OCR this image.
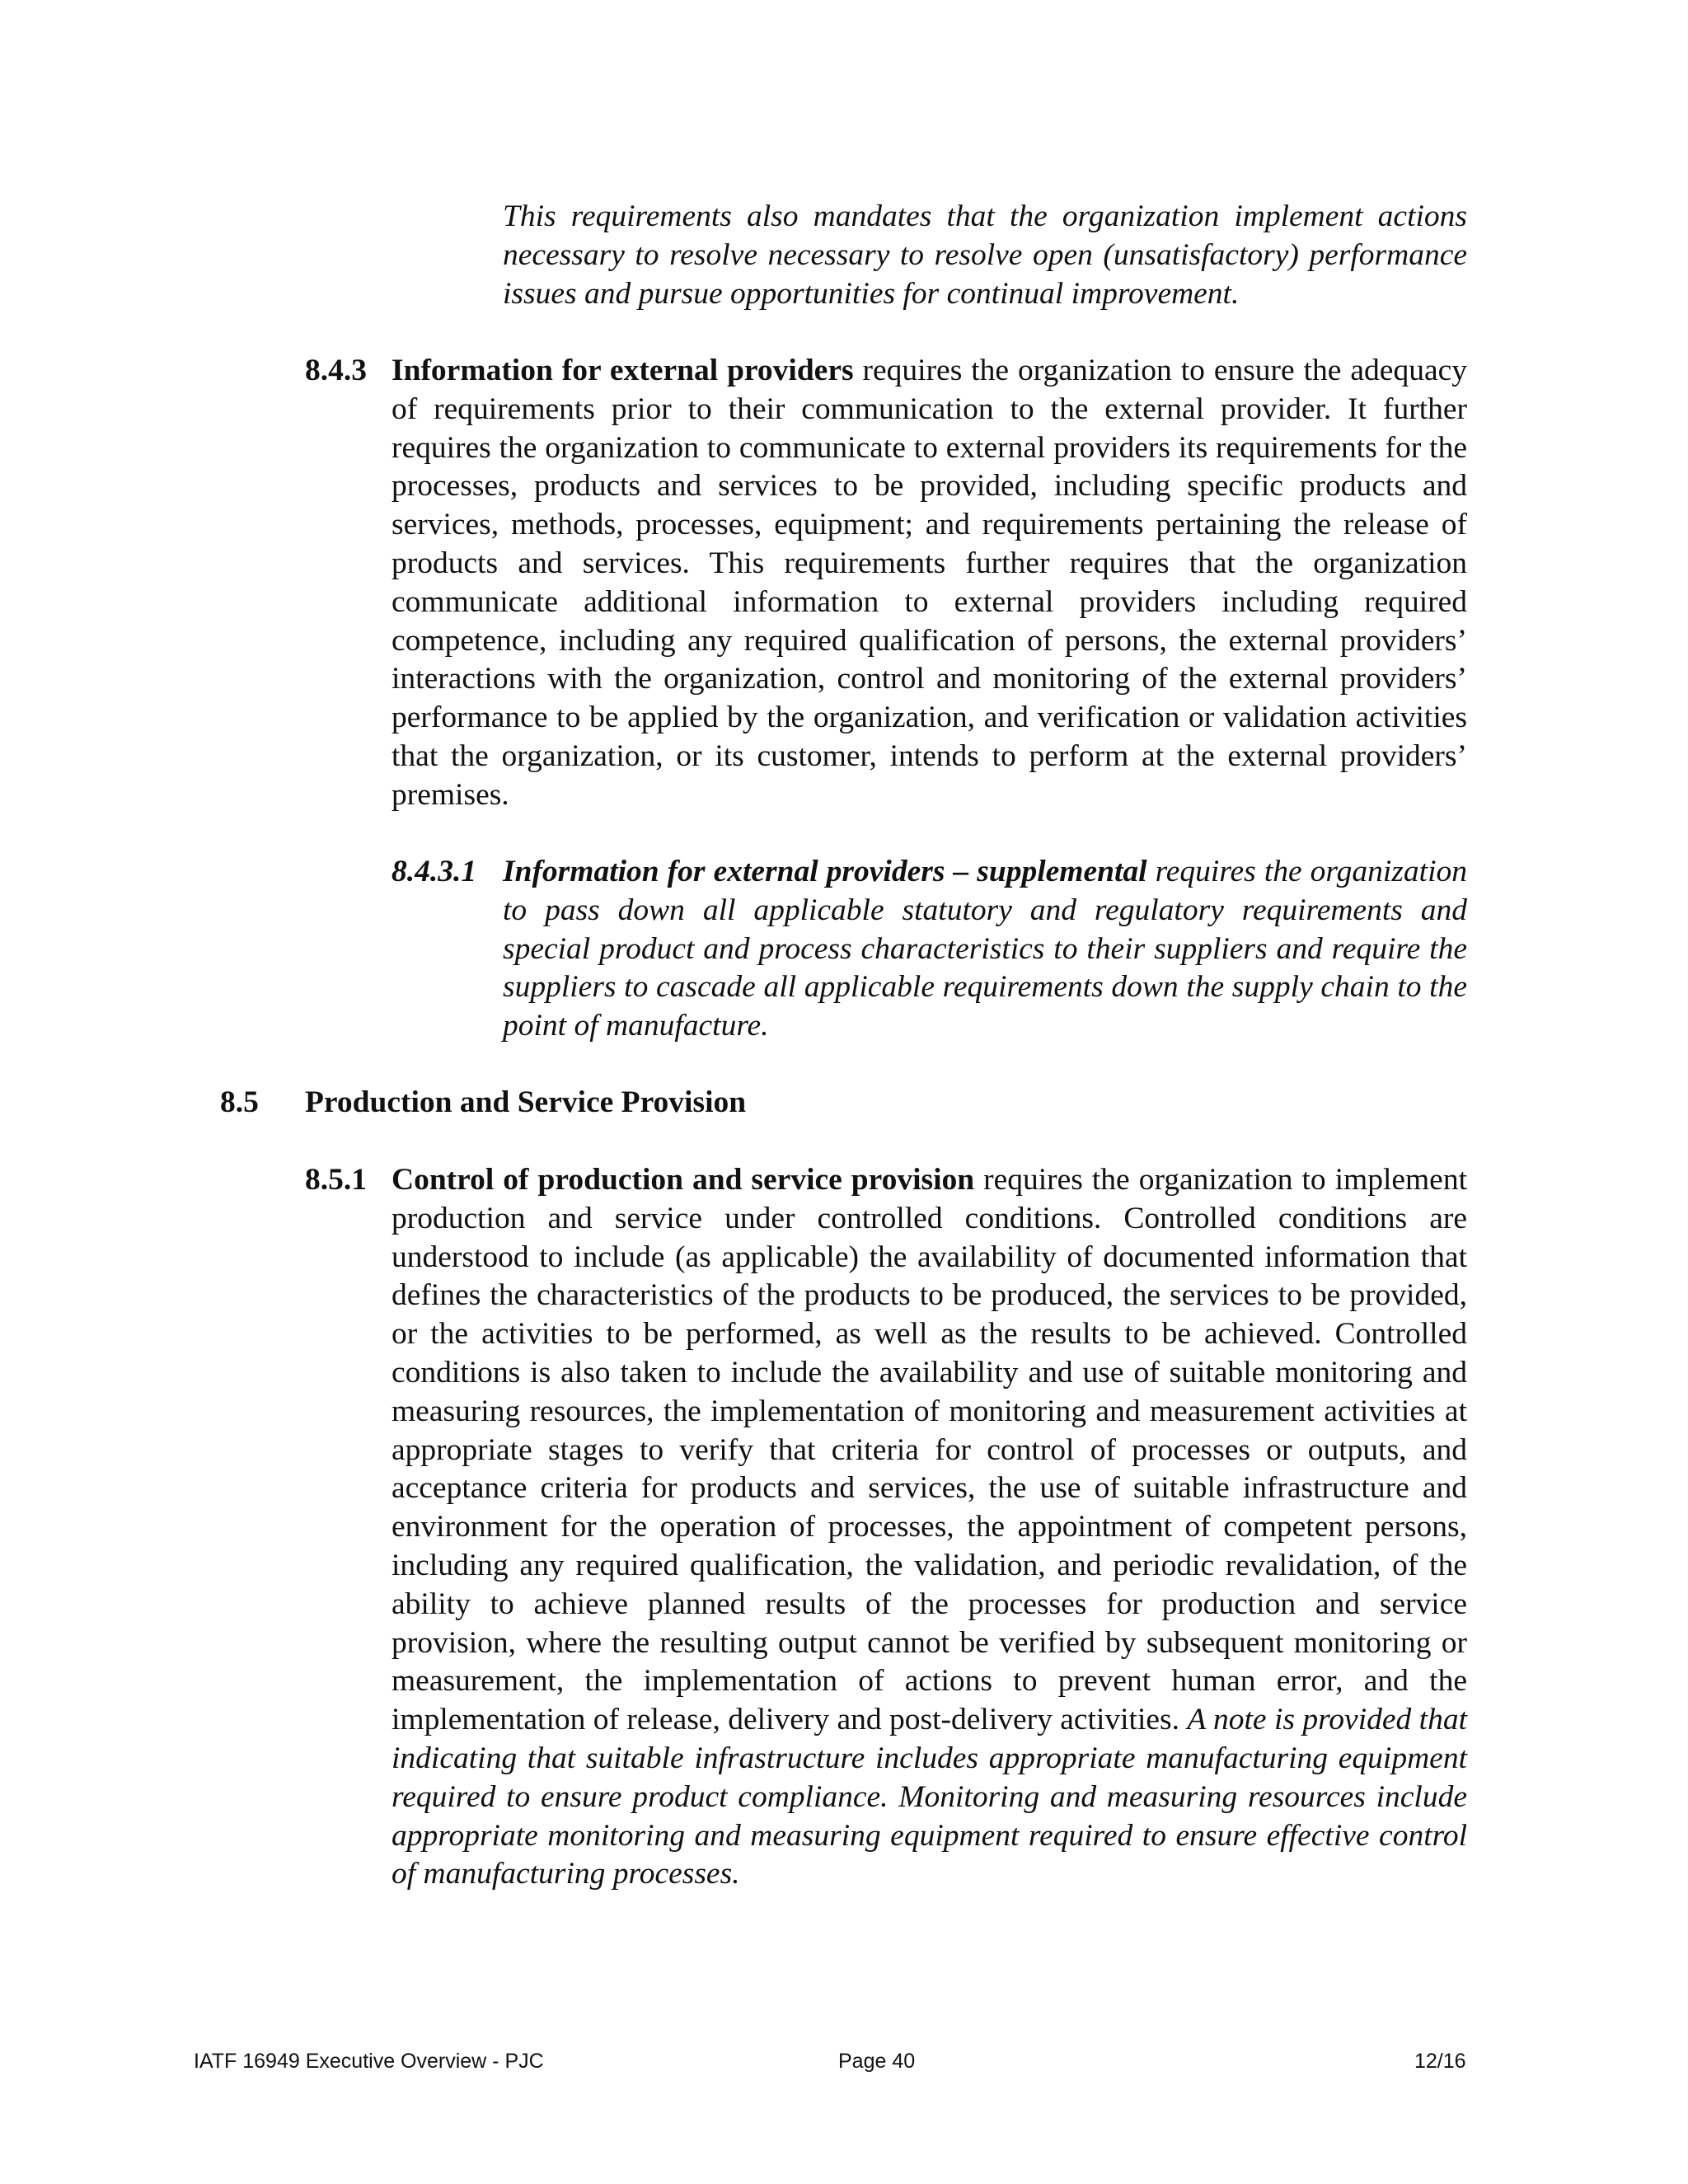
This requirements also mandates that the organization implement actions necessary to resolve necessary to resolve open (unsatisfactory) performance issues and pursue opportunities for continual improvement.

8.4.3 Information for external providers requires the organization to ensure the adequacy of requirements prior to their communication to the external provider. It further requires the organization to communicate to external providers its requirements for the processes, products and services to be provided, including specific products and services, methods, processes, equipment; and requirements pertaining the release of products and services. This requirements further requires that the organization communicate additional information to external providers including required competence, including any required qualification of persons, the external providers’ interactions with the organization, control and monitoring of the external providers’ performance to be applied by the organization, and verification or validation activities that the organization, or its customer, intends to perform at the external providers’ premises.

8.4.3.1 Information for external providers – supplemental requires the organization to pass down all applicable statutory and regulatory requirements and special product and process characteristics to their suppliers and require the suppliers to cascade all applicable requirements down the supply chain to the point of manufacture.

8.5 Production and Service Provision
8.5.1 Control of production and service provision requires the organization to implement production and service under controlled conditions. Controlled conditions are understood to include (as applicable) the availability of documented information that defines the characteristics of the products to be produced, the services to be provided, or the activities to be performed, as well as the results to be achieved. Controlled conditions is also taken to include the availability and use of suitable monitoring and measuring resources, the implementation of monitoring and measurement activities at appropriate stages to verify that criteria for control of processes or outputs, and acceptance criteria for products and services, the use of suitable infrastructure and environment for the operation of processes, the appointment of competent persons, including any required qualification, the validation, and periodic revalidation, of the ability to achieve planned results of the processes for production and service provision, where the resulting output cannot be verified by subsequent monitoring or measurement, the implementation of actions to prevent human error, and the implementation of release, delivery and post-delivery activities. A note is provided that indicating that suitable infrastructure includes appropriate manufacturing equipment required to ensure product compliance. Monitoring and measuring resources include appropriate monitoring and measuring equipment required to ensure effective control of manufacturing processes.

IATF 16949 Executive Overview - PJC	Page 40	12/16
